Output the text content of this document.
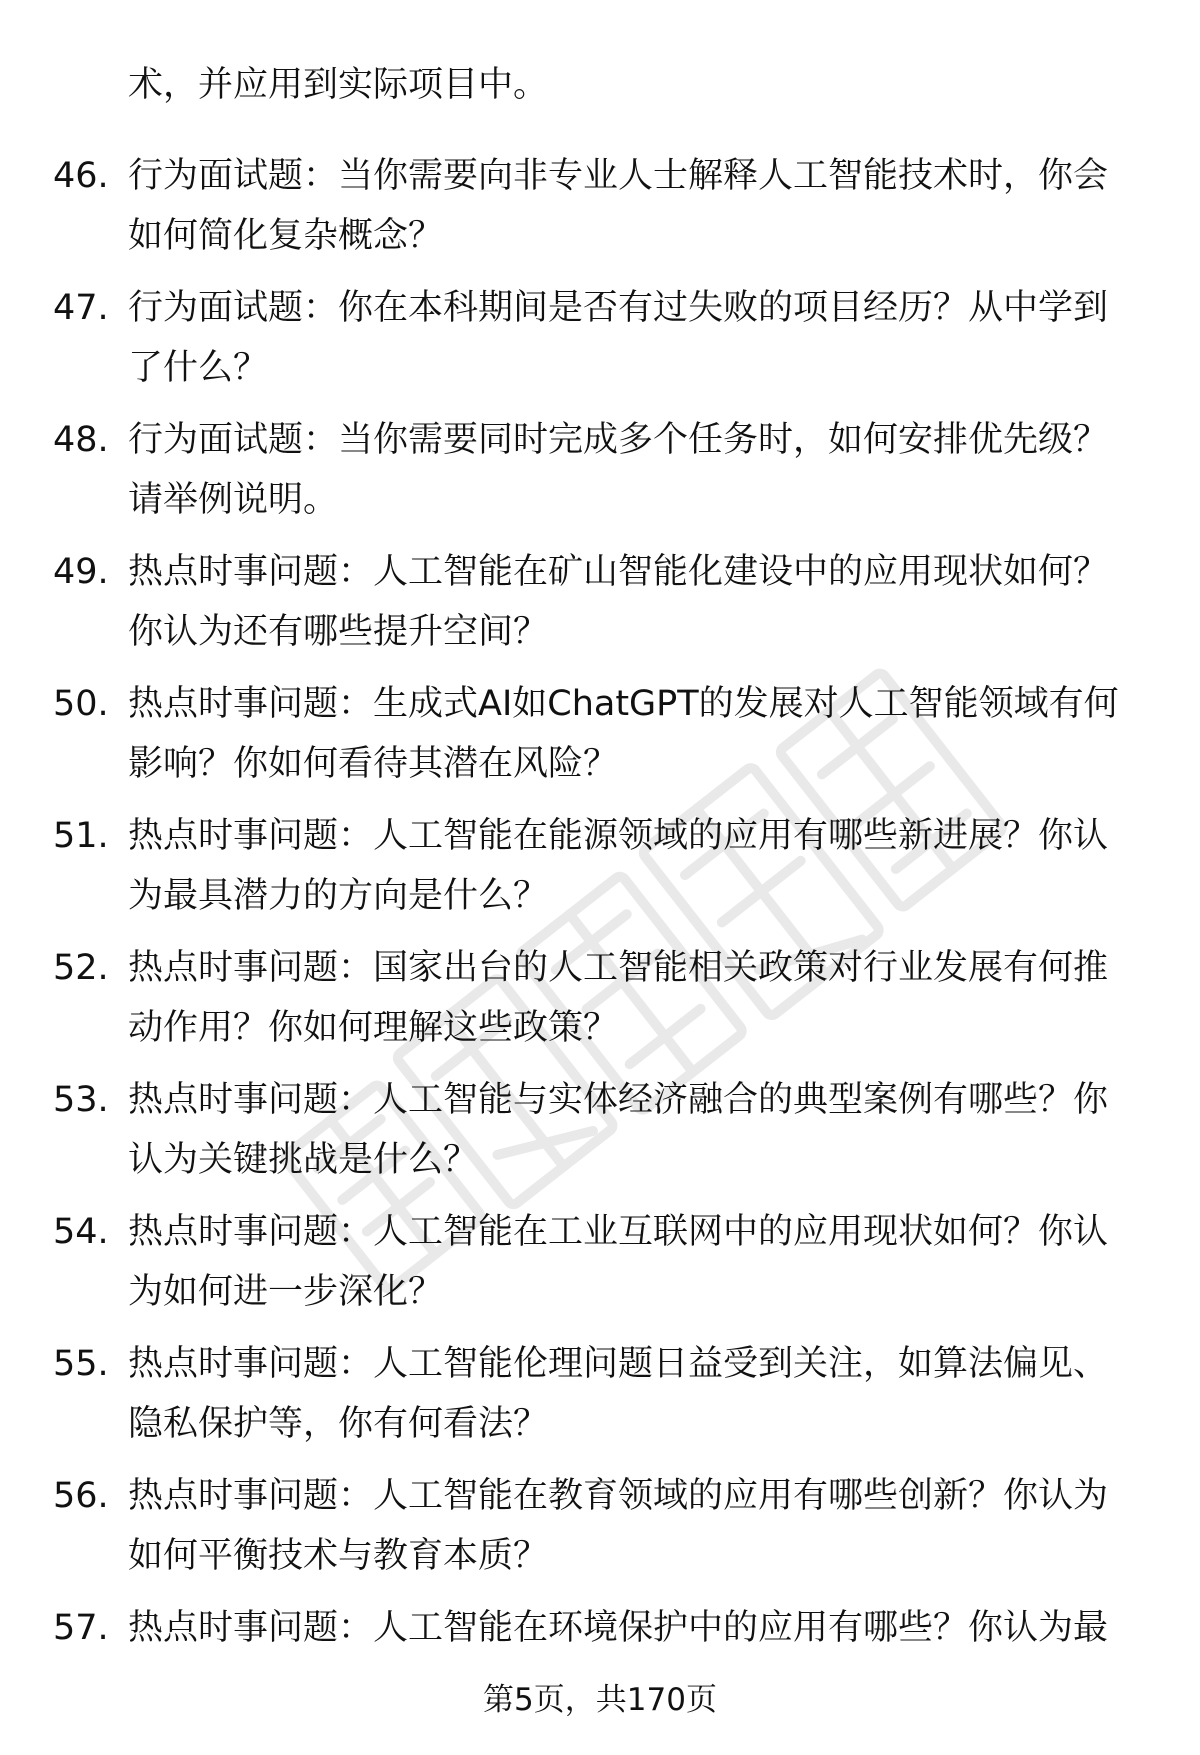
术，并应用到实际项目中。
46. 行为面试题：当你需要向非专业人士解释人工智能技术时，你会
如何简化复杂概念？
47. 行为面试题：你在本科期间是否有过失败的项目经历？从中学到
了什么？
48. 行为面试题：当你需要同时完成多个任务时，如何安排优先级？
请举例说明。
49. 热点时事问题：人工智能在矿山智能化建设中的应用现状如何？
你认为还有哪些提升空间？
50. 热点时事问题：生成式AI如ChatGPT的发展对人工智能领域有何
影响？你如何看待其潜在风险？
51. 热点时事问题：人工智能在能源领域的应用有哪些新进展？你认
为最具潜力的方向是什么？
52. 热点时事问题：国家出台的人工智能相关政策对行业发展有何推
动作用？你如何理解这些政策？
53. 热点时事问题：人工智能与实体经济融合的典型案例有哪些？你
认为关键挑战是什么？
54. 热点时事问题：人工智能在工业互联网中的应用现状如何？你认
为如何进一步深化？
55. 热点时事问题：人工智能伦理问题日益受到关注，如算法偏见、
隐私保护等，你有何看法？
56. 热点时事问题：人工智能在教育领域的应用有哪些创新？你认为
如何平衡技术与教育本质？
57. 热点时事问题：人工智能在环境保护中的应用有哪些？你认为最
第5页，共170页
